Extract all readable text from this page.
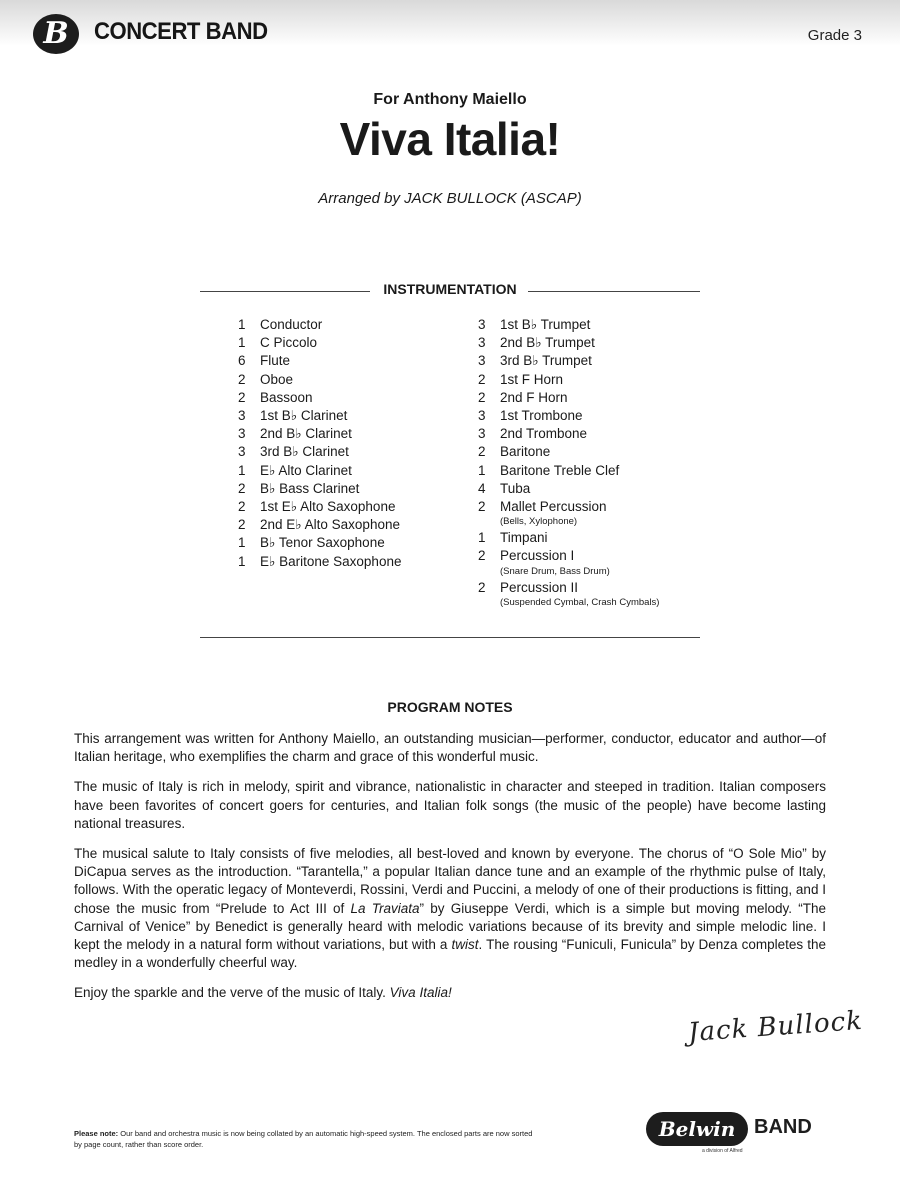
B	CONCERT BAND	Grade 3
For Anthony Maiello
Viva Italia!
Arranged by JACK BULLOCK (ASCAP)
INSTRUMENTATION
1	Conductor
1	C Piccolo
6	Flute
2	Oboe
2	Bassoon
3	1st B♭ Clarinet
3	2nd B♭ Clarinet
3	3rd B♭ Clarinet
1	E♭ Alto Clarinet
2	B♭ Bass Clarinet
2	1st E♭ Alto Saxophone
2	2nd E♭ Alto Saxophone
1	B♭ Tenor Saxophone
1	E♭ Baritone Saxophone
3	1st B♭ Trumpet
3	2nd B♭ Trumpet
3	3rd B♭ Trumpet
2	1st F Horn
2	2nd F Horn
3	1st Trombone
3	2nd Trombone
2	Baritone
1	Baritone Treble Clef
4	Tuba
2	Mallet Percussion
(Bells, Xylophone)
1	Timpani
2	Percussion I
(Snare Drum, Bass Drum)
2	Percussion II
(Suspended Cymbal, Crash Cymbals)
PROGRAM NOTES

This arrangement was written for Anthony Maiello, an outstanding musician—performer, conductor, educator and author—of Italian heritage, who exemplifies the charm and grace of this wonderful music.

The music of Italy is rich in melody, spirit and vibrance, nationalistic in character and steeped in tradition. Italian composers have been favorites of concert goers for centuries, and Italian folk songs (the music of the people) have become lasting national treasures.

The musical salute to Italy consists of five melodies, all best-loved and known by everyone. The chorus of “O Sole Mio” by DiCapua serves as the introduction. “Tarantella,” a popular Italian dance tune and an example of the rhythmic pulse of Italy, follows. With the operatic legacy of Monteverdi, Rossini, Verdi and Puccini, a melody of one of their productions is fitting, and I chose the music from “Prelude to Act III of La Traviata” by Giuseppe Verdi, which is a simple but moving melody. “The Carnival of Venice” by Benedict is generally heard with melodic variations because of its brevity and simple melodic line. I kept the melody in a natural form without variations, but with a twist. The rousing “Funiculi, Funicula” by Denza completes the medley in a wonderfully cheerful way.

Enjoy the sparkle and the verve of the music of Italy. Viva Italia!

Jack Bullock
Please note: Our band and orchestra music is now being collated by an automatic high-speed system. The enclosed parts are now sorted by page count, rather than score order.
Belwin BAND
a division of Alfred
